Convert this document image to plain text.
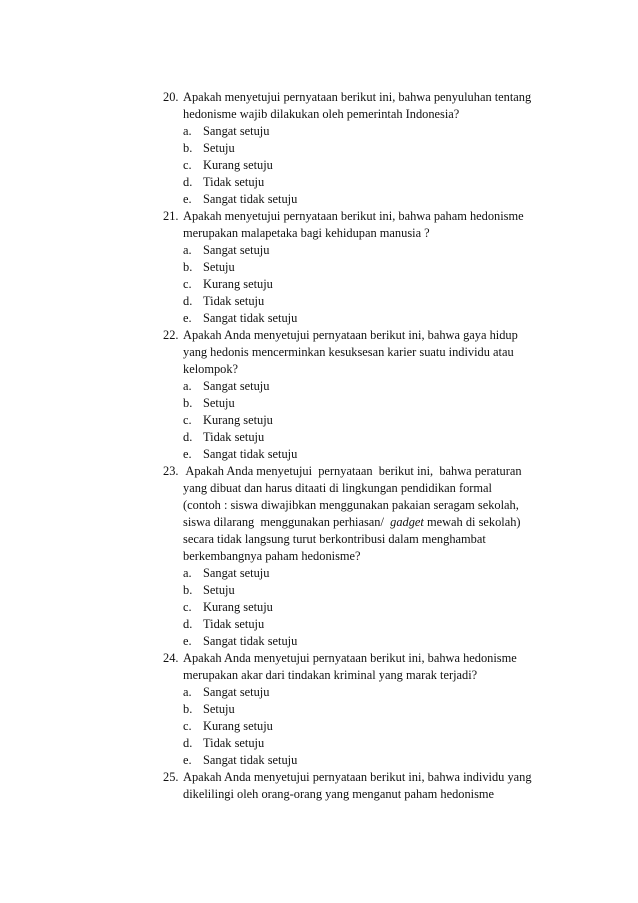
20. Apakah menyetujui pernyataan berikut ini, bahwa penyuluhan tentang
hedonisme wajib dilakukan oleh pemerintah Indonesia?
a. Sangat setuju
b. Setuju
c. Kurang setuju
d. Tidak setuju
e. Sangat tidak setuju
21. Apakah menyetujui pernyataan berikut ini, bahwa paham hedonisme
merupakan malapetaka bagi kehidupan manusia ?
a. Sangat setuju
b. Setuju
c. Kurang setuju
d. Tidak setuju
e. Sangat tidak setuju
22. Apakah Anda menyetujui pernyataan berikut ini, bahwa gaya hidup
yang hedonis mencerminkan kesuksesan karier suatu individu atau
kelompok?
a. Sangat setuju
b. Setuju
c. Kurang setuju
d. Tidak setuju
e. Sangat tidak setuju
23. Apakah Anda menyetujui  pernyataan  berikut ini,  bahwa peraturan
yang dibuat dan harus ditaati di lingkungan pendidikan formal
(contoh : siswa diwajibkan menggunakan pakaian seragam sekolah,
siswa dilarang  menggunakan perhiasan/  gadget mewah di sekolah)
secara tidak langsung turut berkontribusi dalam menghambat
berkembangnya paham hedonisme?
a. Sangat setuju
b. Setuju
c. Kurang setuju
d. Tidak setuju
e. Sangat tidak setuju
24. Apakah Anda menyetujui pernyataan berikut ini, bahwa hedonisme
merupakan akar dari tindakan kriminal yang marak terjadi?
a. Sangat setuju
b. Setuju
c. Kurang setuju
d. Tidak setuju
e. Sangat tidak setuju
25. Apakah Anda menyetujui pernyataan berikut ini, bahwa individu yang
dikelilingi oleh orang-orang yang menganut paham hedonisme
